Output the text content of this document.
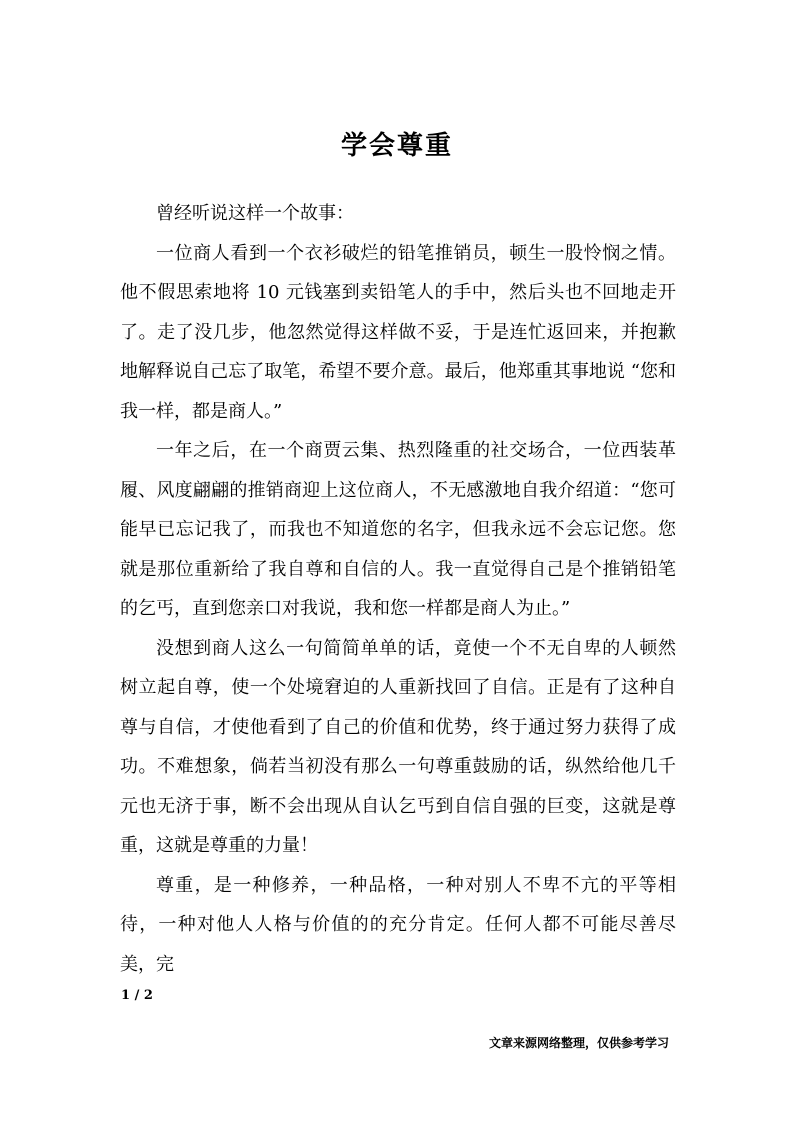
学会尊重

曾经听说这样一个故事：

一位商人看到一个衣衫破烂的铅笔推销员，顿生一股怜悯之情。他不假思索地将 10 元钱塞到卖铅笔人的手中，然后头也不回地走开了。走了没几步，他忽然觉得这样做不妥，于是连忙返回来，并抱歉地解释说自己忘了取笔，希望不要介意。最后，他郑重其事地说 “您和我一样，都是商人。”

一年之后，在一个商贾云集、热烈隆重的社交场合，一位西装革履、风度翩翩的推销商迎上这位商人，不无感激地自我介绍道：“您可能早已忘记我了，而我也不知道您的名字，但我永远不会忘记您。您就是那位重新给了我自尊和自信的人。我一直觉得自己是个推销铅笔的乞丐，直到您亲口对我说，我和您一样都是商人为止。”

没想到商人这么一句简简单单的话，竟使一个不无自卑的人顿然树立起自尊，使一个处境窘迫的人重新找回了自信。正是有了这种自尊与自信，才使他看到了自己的价值和优势，终于通过努力获得了成功。不难想象，倘若当初没有那么一句尊重鼓励的话，纵然给他几千元也无济于事，断不会出现从自认乞丐到自信自强的巨变，这就是尊重，这就是尊重的力量！

尊重，是一种修养，一种品格，一种对别人不卑不亢的平等相待，一种对他人人格与价值的的充分肯定。任何人都不可能尽善尽美，完

1 / 2
文章来源网络整理，仅供参考学习
